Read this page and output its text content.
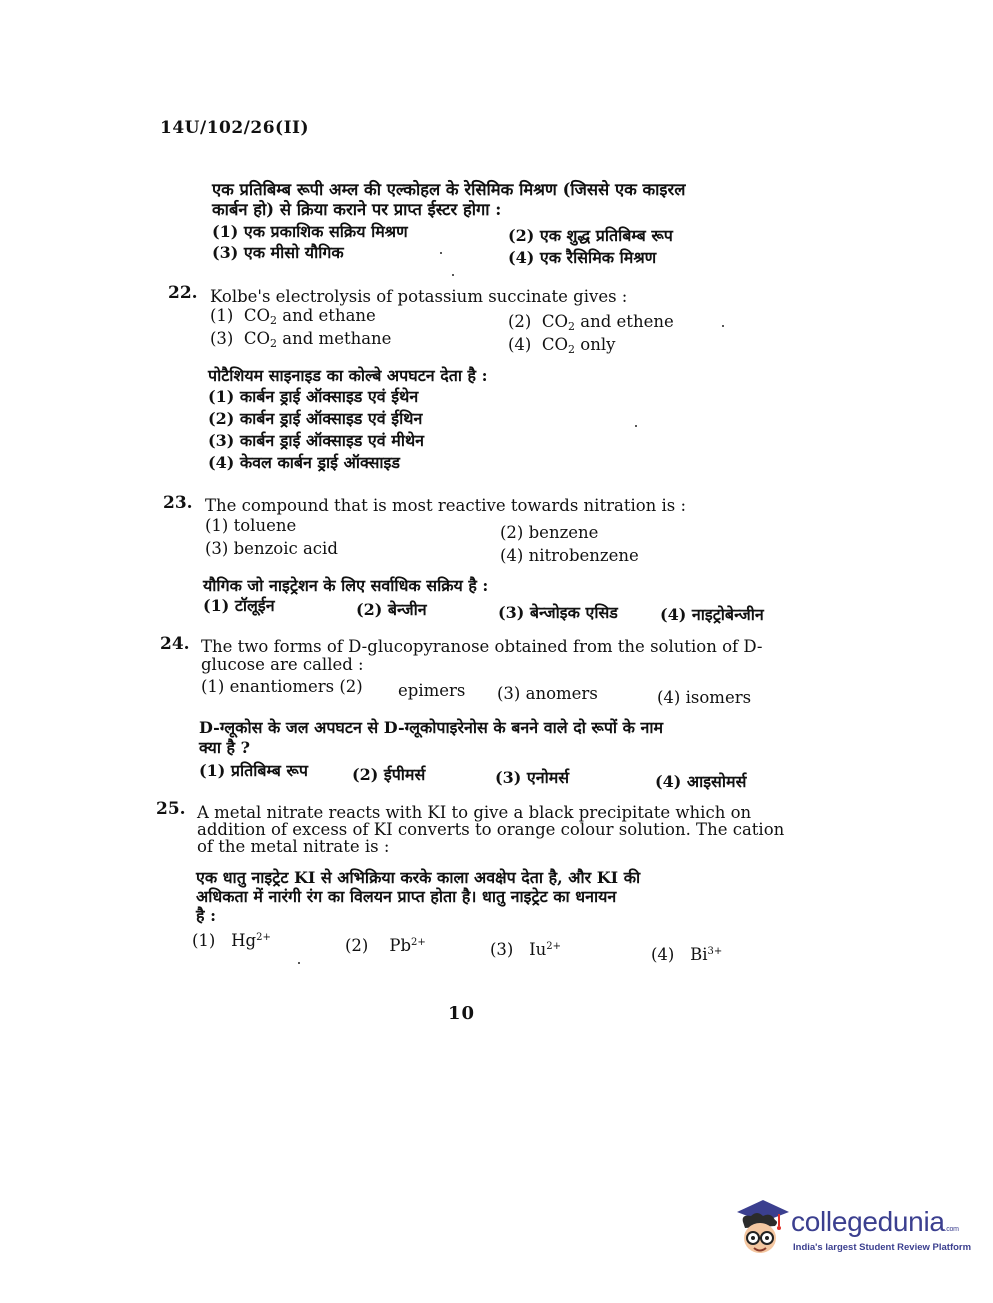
14U/102/26(II)
एक प्रतिबिम्ब रूपी अम्ल की एल्कोहल के रेसिमिक मिश्रण (जिससे एक काइरल
कार्बन हो) से क्रिया कराने पर प्राप्त ईस्टर होगा :
(1) एक प्रकाशिक सक्रिय मिश्रण	(2) एक शुद्ध प्रतिबिम्ब रूप
(3) एक मीसो यौगिक	(4) एक रैसिमिक मिश्रण
22. Kolbe's electrolysis of potassium succinate gives :
(1) $CO_2$ and ethane	(2) $CO_2$ and ethene
(3) $CO_2$ and methane	(4) $CO_2$ only
पोटैशियम साइनाइड का कोल्बे अपघटन देता है :
(1) कार्बन ड्राई ऑक्साइड एवं ईथेन
(2) कार्बन ड्राई ऑक्साइड एवं ईथिन
(3) कार्बन ड्राई ऑक्साइड एवं मीथेन
(4) केवल कार्बन ड्राई ऑक्साइड
23. The compound that is most reactive towards nitration is :
(1) toluene	(2) benzene
(3) benzoic acid	(4) nitrobenzene
यौगिक जो नाइट्रेशन के लिए सर्वाधिक सक्रिय है :
(1) टॉलूईन	(2) बेन्जीन	(3) बेन्जोइक एसिड	(4) नाइट्रोबेन्जीन
24. The two forms of D-glucopyranose obtained from the solution of D-
glucose are called :
(1) enantiomers (2) epimers (3) anomers	(4) isomers
D-ग्लूकोस के जल अपघटन से D-ग्लूकोपाइरेनोस के बनने वाले दो रूपों के नाम
क्या है ?
(1) प्रतिबिम्ब रूप	(2) ईपीमर्स	(3) एनोमर्स	(4) आइसोमर्स
25. A metal nitrate reacts with KI to give a black precipitate which on
addition of excess of KI converts to orange colour solution. The cation
of the metal nitrate is :
एक धातु नाइट्रेट KI से अभिक्रिया करके काला अवक्षेप देता है, और KI की
अधिकता में नारंगी रंग का विलयन प्राप्त होता है। धातु नाइट्रेट का धनायन
है :
(1) $Hg^{2+}$	(2) $Pb^{2+}$	(3) $Iu^{2+}$	(4) $Bi^{3+}$
10
collegedunia.com
India's largest Student Review Platform
